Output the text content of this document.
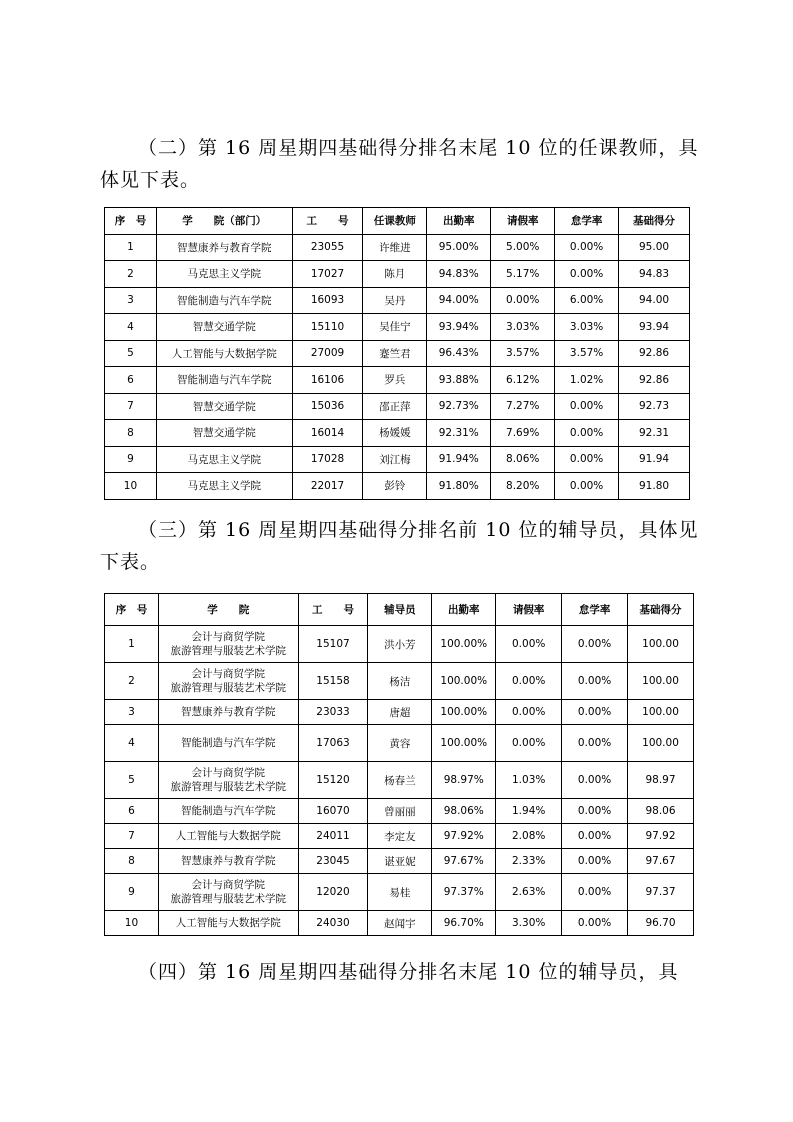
（二）第 16 周星期四基础得分排名末尾 10 位的任课教师，具体见下表。

序　号	学　　院（部门）	工　　号	任课教师	出勤率	请假率	怠学率	基础得分
1	智慧康养与教育学院	23055	许维进	95.00%	5.00%	0.00%	95.00
2	马克思主义学院	17027	陈月	94.83%	5.17%	0.00%	94.83
3	智能制造与汽车学院	16093	吴丹	94.00%	0.00%	6.00%	94.00
4	智慧交通学院	15110	吴佳宁	93.94%	3.03%	3.03%	93.94
5	人工智能与大数据学院	27009	蹇竺君	96.43%	3.57%	3.57%	92.86
6	智能制造与汽车学院	16106	罗兵	93.88%	6.12%	1.02%	92.86
7	智慧交通学院	15036	邵正萍	92.73%	7.27%	0.00%	92.73
8	智慧交通学院	16014	杨媛媛	92.31%	7.69%	0.00%	92.31
9	马克思主义学院	17028	刘江梅	91.94%	8.06%	0.00%	91.94
10	马克思主义学院	22017	彭铃	91.80%	8.20%	0.00%	91.80

（三）第 16 周星期四基础得分排名前 10 位的辅导员，具体见下表。

序　号	学　　院	工　　号	辅导员	出勤率	请假率	怠学率	基础得分
1	会计与商贸学院
旅游管理与服装艺术学院	15107	洪小芳	100.00%	0.00%	0.00%	100.00
2	会计与商贸学院
旅游管理与服装艺术学院	15158	杨洁	100.00%	0.00%	0.00%	100.00
3	智慧康养与教育学院	23033	唐超	100.00%	0.00%	0.00%	100.00
4	智能制造与汽车学院	17063	黄容	100.00%	0.00%	0.00%	100.00
5	会计与商贸学院
旅游管理与服装艺术学院	15120	杨春兰	98.97%	1.03%	0.00%	98.97
6	智能制造与汽车学院	16070	曾丽丽	98.06%	1.94%	0.00%	98.06
7	人工智能与大数据学院	24011	李定友	97.92%	2.08%	0.00%	97.92
8	智慧康养与教育学院	23045	谌亚妮	97.67%	2.33%	0.00%	97.67
9	会计与商贸学院
旅游管理与服装艺术学院	12020	易桂	97.37%	2.63%	0.00%	97.37
10	人工智能与大数据学院	24030	赵闻宇	96.70%	3.30%	0.00%	96.70

（四）第 16 周星期四基础得分排名末尾 10 位的辅导员，具
